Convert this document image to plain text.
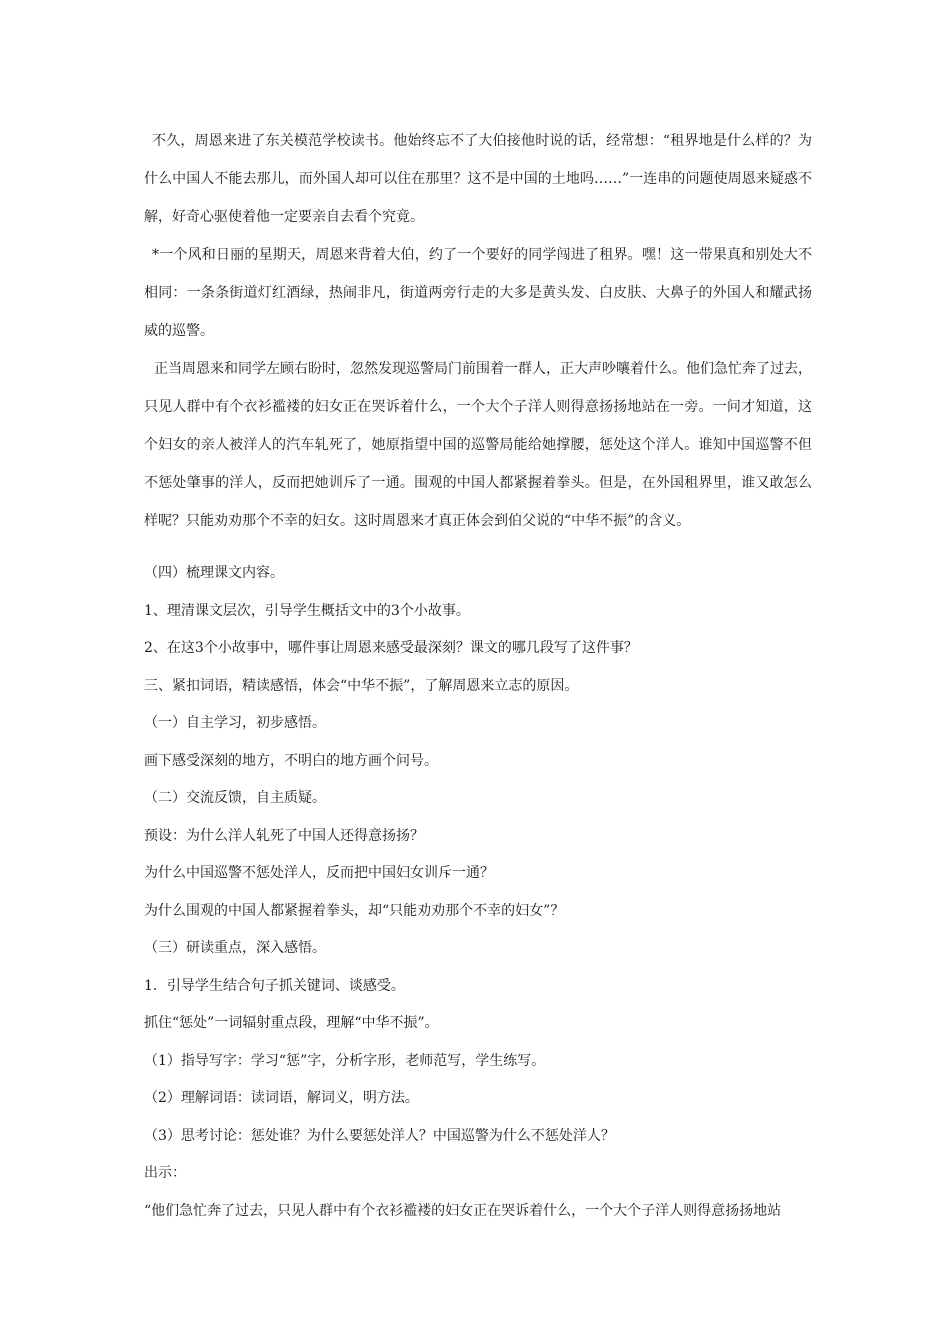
不久，周恩来进了东关模范学校读书。他始终忘不了大伯接他时说的话，经常想：“租界地是什么样的？为什么中国人不能去那儿，而外国人却可以住在那里？这不是中国的土地吗……”一连串的问题使周恩来疑惑不解，好奇心驱使着他一定要亲自去看个究竟。

*一个风和日丽的星期天，周恩来背着大伯，约了一个要好的同学闯进了租界。嘿！这一带果真和别处大不相同：一条条街道灯红酒绿，热闹非凡，街道两旁行走的大多是黄头发、白皮肤、大鼻子的外国人和耀武扬威的巡警。

正当周恩来和同学左顾右盼时，忽然发现巡警局门前围着一群人，正大声吵嚷着什么。他们急忙奔了过去，只见人群中有个衣衫褴褛的妇女正在哭诉着什么，一个大个子洋人则得意扬扬地站在一旁。一问才知道，这个妇女的亲人被洋人的汽车轧死了，她原指望中国的巡警局能给她撑腰，惩处这个洋人。谁知中国巡警不但不惩处肇事的洋人，反而把她训斥了一通。围观的中国人都紧握着拳头。但是，在外国租界里，谁又敢怎么样呢？只能劝劝那个不幸的妇女。这时周恩来才真正体会到伯父说的“中华不振”的含义。

（四）梳理课文内容。
1、理清课文层次，引导学生概括文中的3个小故事。
2、在这3个小故事中，哪件事让周恩来感受最深刻？课文的哪几段写了这件事？
三、紧扣词语，精读感悟，体会“中华不振”，了解周恩来立志的原因。
（一）自主学习，初步感悟。
画下感受深刻的地方，不明白的地方画个问号。
（二）交流反馈，自主质疑。
预设：为什么洋人轧死了中国人还得意扬扬？
为什么中国巡警不惩处洋人，反而把中国妇女训斥一通？
为什么围观的中国人都紧握着拳头，却“只能劝劝那个不幸的妇女”？
（三）研读重点，深入感悟。
1．引导学生结合句子抓关键词、谈感受。
抓住“惩处”一词辐射重点段，理解“中华不振”。
（1）指导写字：学习“惩”字，分析字形，老师范写，学生练写。
（2）理解词语：读词语，解词义，明方法。
（3）思考讨论：惩处谁？为什么要惩处洋人？中国巡警为什么不惩处洋人？
出示：
“他们急忙奔了过去，只见人群中有个衣衫褴褛的妇女正在哭诉着什么，一个大个子洋人则得意扬扬地站
